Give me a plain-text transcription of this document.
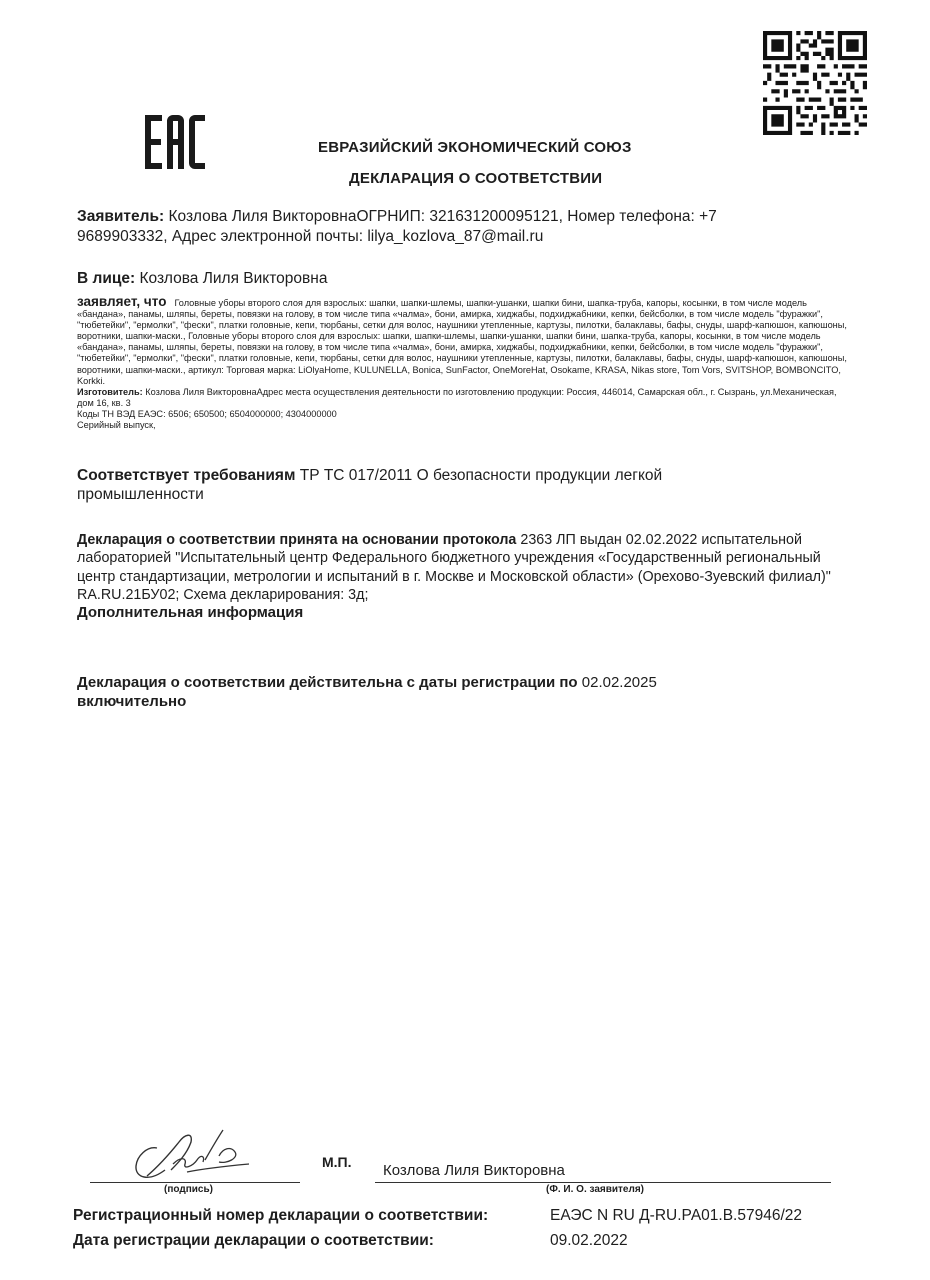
ЕВРАЗИЙСКИЙ ЭКОНОМИЧЕСКИЙ СОЮЗ
ДЕКЛАРАЦИЯ О СООТВЕТСТВИИ
Заявитель: Козлова Лиля ВикторовнаОГРНИП: 321631200095121, Номер телефона: +7 9689903332, Адрес электронной почты: lilya_kozlova_87@mail.ru
В лице: Козлова Лиля Викторовна
заявляет, что Головные уборы второго слоя для взрослых: шапки, шапки-шлемы, шапки-ушанки, шапки бини, шапка-труба, капоры, косынки, в том числе модель «бандана», панамы, шляпы, береты, повязки на голову, в том числе типа «чалма», бони, амирка, хиджабы, подхиджабники, кепки, бейсболки, в том числе модель "фуражки", "тюбетейки", "ермолки", "фески", платки головные, кепи, тюрбаны, сетки для волос, наушники утепленные, картузы, пилотки, балаклавы, бафы, снуды, шарф-капюшон, капюшоны, воротники, шапки-маски., Головные уборы второго слоя для взрослых: шапки, шапки-шлемы, шапки-ушанки, шапки бини, шапка-труба, капоры, косынки, в том числе модель «бандана», панамы, шляпы, береты, повязки на голову, в том числе типа «чалма», бони, амирка, хиджабы, подхиджабники, кепки, бейсболки, в том числе модель "фуражки", "тюбетейки", "ермолки", "фески", платки головные, кепи, тюрбаны, сетки для волос, наушники утепленные, картузы, пилотки, балаклавы, бафы, снуды, шарф-капюшон, капюшоны, воротники, шапки-маски., артикул: Торговая марка: LiOlyaHome, KULUNELLA, Bonica, SunFactor, OneMoreHat, Osokame, KRASA, Nikas store, Tom Vors, SVITSHOP, BOMBONCITO, Korkki.
Изготовитель: Козлова Лиля ВикторовнаАдрес места осуществления деятельности по изготовлению продукции: Россия, 446014, Самарская обл., г. Сызрань, ул.Механическая, дом 16, кв. 3
Коды ТН ВЭД ЕАЭС: 6506; 650500; 6504000000; 4304000000
Серийный выпуск,
Соответствует требованиям ТР ТС 017/2011 О безопасности продукции легкой промышленности
Декларация о соответствии принята на основании протокола 2363 ЛП выдан 02.02.2022 испытательной лабораторией "Испытательный центр Федерального бюджетного учреждения «Государственный региональный центр стандартизации, метрологии и испытаний в г. Москве и Московской области» (Орехово-Зуевский филиал)" RA.RU.21БУ02; Схема декларирования: 3д;
Дополнительная информация
Декларация о соответствии действительна с даты регистрации по 02.02.2025
включительно
М.П. Козлова Лиля Викторовна
(подпись)	(Ф. И. О. заявителя)
Регистрационный номер декларации о соответствии:	ЕАЭС N RU Д-RU.РА01.В.57946/22
Дата регистрации декларации о соответствии:	09.02.2022
